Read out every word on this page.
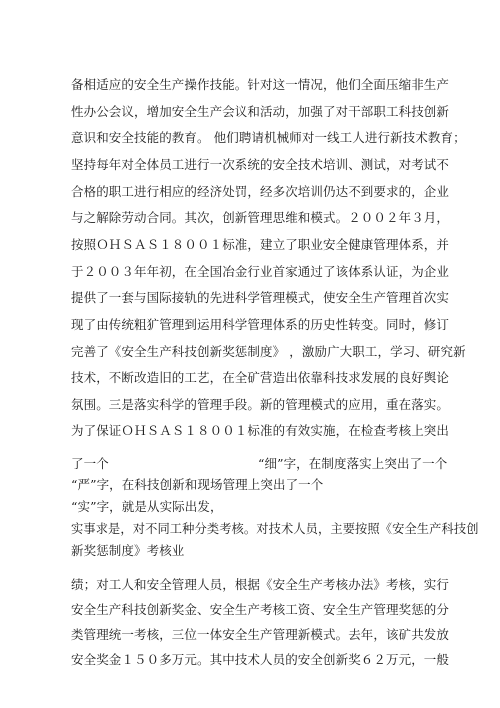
备相适应的安全生产操作技能。针对这一情况，他们全面压缩非生产
性办公会议，增加安全生产会议和活动，加强了对干部职工科技创新
意识和安全技能的教育。 他们聘请机械师对一线工人进行新技术教育；
坚持每年对全体员工进行一次系统的安全技术培训、测试，对考试不
合格的职工进行相应的经济处罚，经多次培训仍达不到要求的，企业
与之解除劳动合同。其次，创新管理思维和模式。２００２年３月，
按照ＯＨＳＡＳ１８００１标准，建立了职业安全健康管理体系，并
于２００３年年初，在全国冶金行业首家通过了该体系认证，为企业
提供了一套与国际接轨的先进科学管理模式，使安全生产管理首次实
现了由传统粗犷管理到运用科学管理体系的历史性转变。同时，修订
完善了《安全生产科技创新奖惩制度》 ，激励广大职工，学习、研究新
技术，不断改造旧的工艺，在全矿营造出依靠科技求发展的良好舆论
氛围。三是落实科学的管理手段。新的管理模式的应用，重在落实。
为了保证ＯＨＳＡＳ１８００１标准的有效实施，在检查考核上突出
了一个	“细”字，在制度落实上突出了一个
“严”字，在科技创新和现场管理上突出了一个
“实”字，就是从实际出发，
实事求是，对不同工种分类考核。对技术人员，主要按照《安全生产科技创
新奖惩制度》考核业
绩；对工人和安全管理人员，根据《安全生产考核办法》考核，实行
安全生产科技创新奖金、安全生产考核工资、安全生产管理奖惩的分
类管理统一考核，三位一体安全生产管理新模式。去年，该矿共发放
安全奖金１５０多万元。其中技术人员的安全创新奖６２万元，一般
